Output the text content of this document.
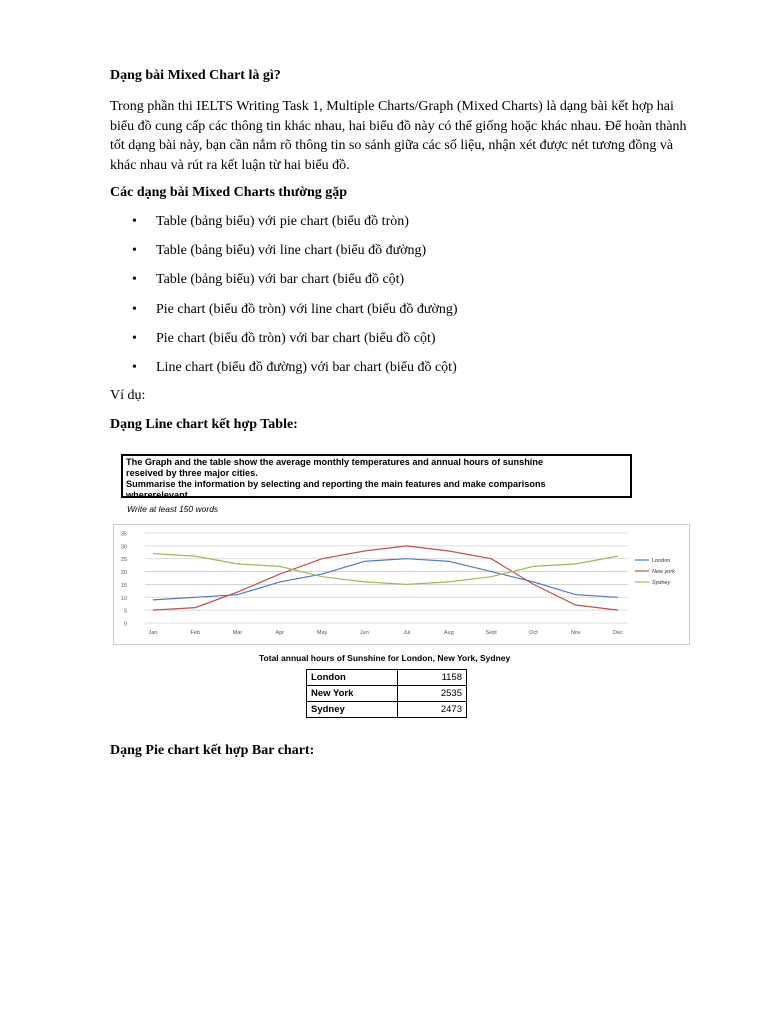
Dạng bài Mixed Chart là gì?

Trong phần thi IELTS Writing Task 1, Multiple Charts/Graph (Mixed Charts) là dạng bài kết hợp hai biểu đồ cung cấp các thông tin khác nhau, hai biểu đồ này có thể giống hoặc khác nhau. Để hoàn thành tốt dạng bài này, bạn cần nắm rõ thông tin so sánh giữa các số liệu, nhận xét được nét tương đồng và khác nhau và rút ra kết luận từ hai biểu đồ.

Các dạng bài Mixed Charts thường gặp
• Table (bảng biểu) với pie chart (biểu đồ tròn)
• Table (bảng biểu) với line chart (biểu đồ đường)
• Table (bảng biểu) với bar chart (biểu đồ cột)
• Pie chart (biểu đồ tròn) với line chart (biểu đồ đường)
• Pie chart (biểu đồ tròn) với bar chart (biểu đồ cột)
• Line chart (biểu đồ đường) với bar chart (biểu đồ cột)

Ví dụ:

Dạng Line chart kết hợp Table:
Dạng Pie chart kết hợp Bar chart:
The Graph and the table show the average monthly temperatures and annual hours of sunshine
reseived by three major cities.
Summarise the information by selecting and reporting the main features and make comparisons
whererelevant
Write at least 150 words
0
5
10
15
20
25
30
35
Jan	Feb	Mar	Apr	May	Jun	Jul	Aug	Sept	Oct	Nov	Dec
London
New york
Sydney
Total annual hours of Sunshine for London, New York, Sydney
London	1158
New York	2535
Sydney	2473
